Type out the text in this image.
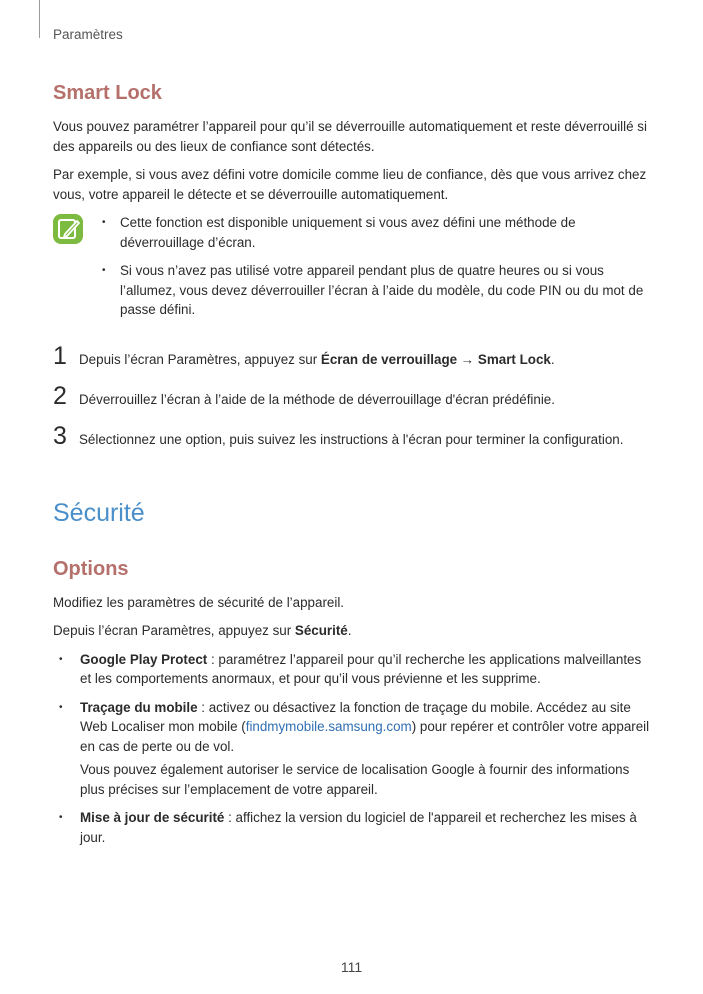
Paramètres
Smart Lock

Vous pouvez paramétrer l’appareil pour qu’il se déverrouille automatiquement et reste déverrouillé si des appareils ou des lieux de confiance sont détectés.

Par exemple, si vous avez défini votre domicile comme lieu de confiance, dès que vous arrivez chez vous, votre appareil le détecte et se déverrouille automatiquement.

• Cette fonction est disponible uniquement si vous avez défini une méthode de déverrouillage d’écran.
• Si vous n’avez pas utilisé votre appareil pendant plus de quatre heures ou si vous l’allumez, vous devez déverrouiller l’écran à l’aide du modèle, du code PIN ou du mot de passe défini.
1 Depuis l’écran Paramètres, appuyez sur Écran de verrouillage → Smart Lock.
2 Déverrouillez l’écran à l’aide de la méthode de déverrouillage d'écran prédéfinie.
3 Sélectionnez une option, puis suivez les instructions à l'écran pour terminer la configuration.
Sécurité
Options

Modifiez les paramètres de sécurité de l’appareil.

Depuis l’écran Paramètres, appuyez sur Sécurité.

• Google Play Protect : paramétrez l’appareil pour qu’il recherche les applications malveillantes et les comportements anormaux, et pour qu’il vous prévienne et les supprime.
• Traçage du mobile : activez ou désactivez la fonction de traçage du mobile. Accédez au site Web Localiser mon mobile (findmymobile.samsung.com) pour repérer et contrôler votre appareil en cas de perte ou de vol.

Vous pouvez également autoriser le service de localisation Google à fournir des informations plus précises sur l’emplacement de votre appareil.

• Mise à jour de sécurité : affichez la version du logiciel de l'appareil et recherchez les mises à jour.
111
